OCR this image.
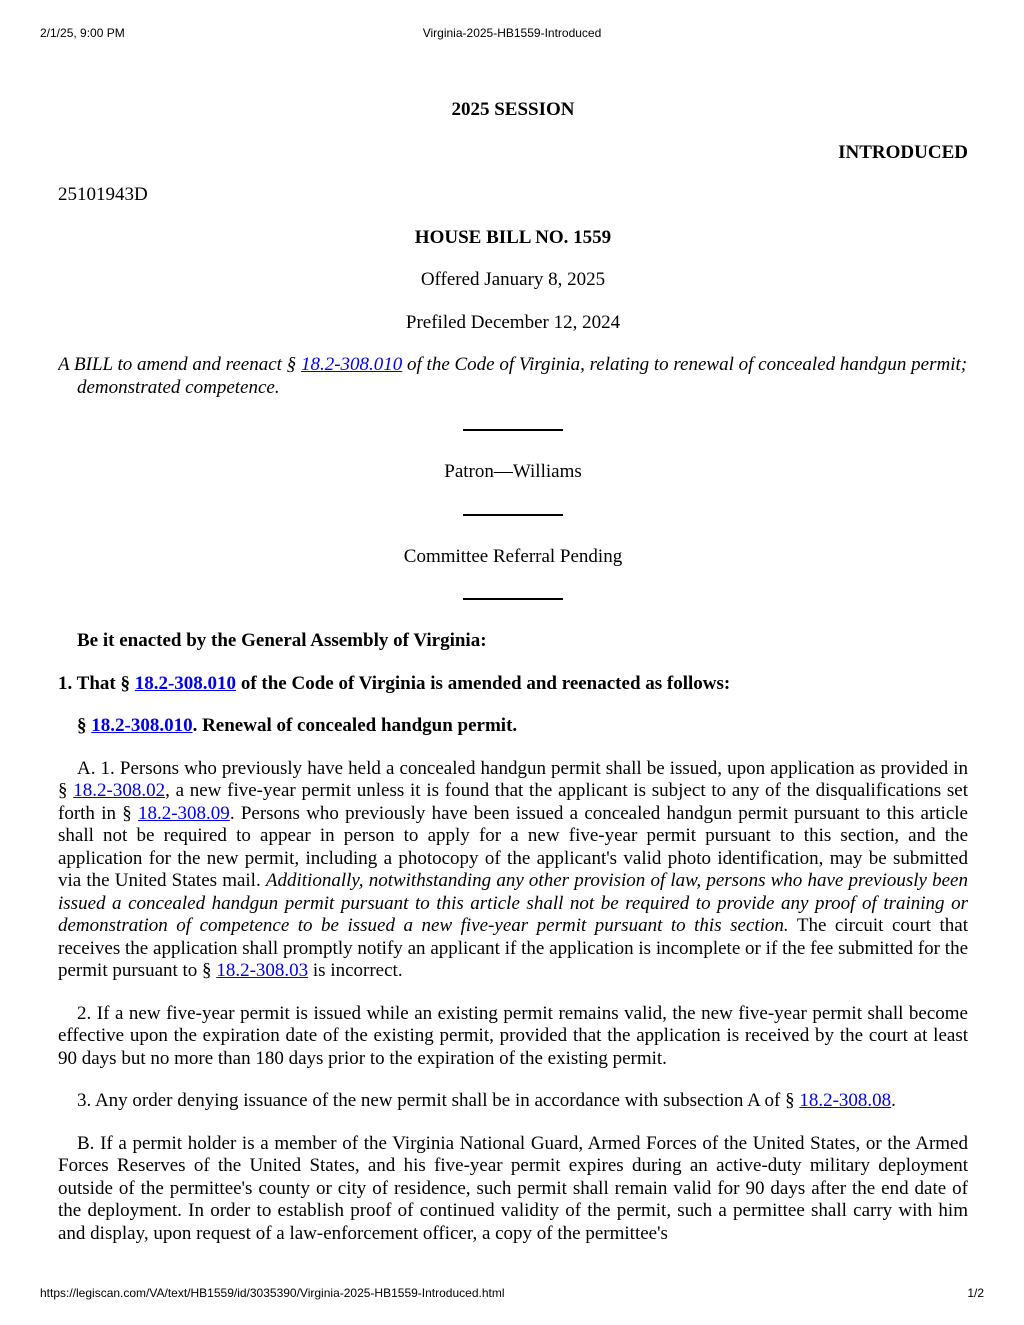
2/1/25, 9:00 PM	Virginia-2025-HB1559-Introduced

2025 SESSION

INTRODUCED

25101943D

HOUSE BILL NO. 1559

Offered January 8, 2025

Prefiled December 12, 2024

A BILL to amend and reenact § 18.2-308.010 of the Code of Virginia, relating to renewal of concealed handgun permit; demonstrated competence.

Patron—Williams

Committee Referral Pending

Be it enacted by the General Assembly of Virginia:

1. That § 18.2-308.010 of the Code of Virginia is amended and reenacted as follows:

§ 18.2-308.010. Renewal of concealed handgun permit.

A. 1. Persons who previously have held a concealed handgun permit shall be issued, upon application as provided in § 18.2-308.02, a new five-year permit unless it is found that the applicant is subject to any of the disqualifications set forth in § 18.2-308.09. Persons who previously have been issued a concealed handgun permit pursuant to this article shall not be required to appear in person to apply for a new five-year permit pursuant to this section, and the application for the new permit, including a photocopy of the applicant's valid photo identification, may be submitted via the United States mail. Additionally, notwithstanding any other provision of law, persons who have previously been issued a concealed handgun permit pursuant to this article shall not be required to provide any proof of training or demonstration of competence to be issued a new five-year permit pursuant to this section. The circuit court that receives the application shall promptly notify an applicant if the application is incomplete or if the fee submitted for the permit pursuant to § 18.2-308.03 is incorrect.

2. If a new five-year permit is issued while an existing permit remains valid, the new five-year permit shall become effective upon the expiration date of the existing permit, provided that the application is received by the court at least 90 days but no more than 180 days prior to the expiration of the existing permit.

3. Any order denying issuance of the new permit shall be in accordance with subsection A of § 18.2-308.08.

B. If a permit holder is a member of the Virginia National Guard, Armed Forces of the United States, or the Armed Forces Reserves of the United States, and his five-year permit expires during an active-duty military deployment outside of the permittee's county or city of residence, such permit shall remain valid for 90 days after the end date of the deployment. In order to establish proof of continued validity of the permit, such a permittee shall carry with him and display, upon request of a law-enforcement officer, a copy of the permittee's

https://legiscan.com/VA/text/HB1559/id/3035390/Virginia-2025-HB1559-Introduced.html	1/2
